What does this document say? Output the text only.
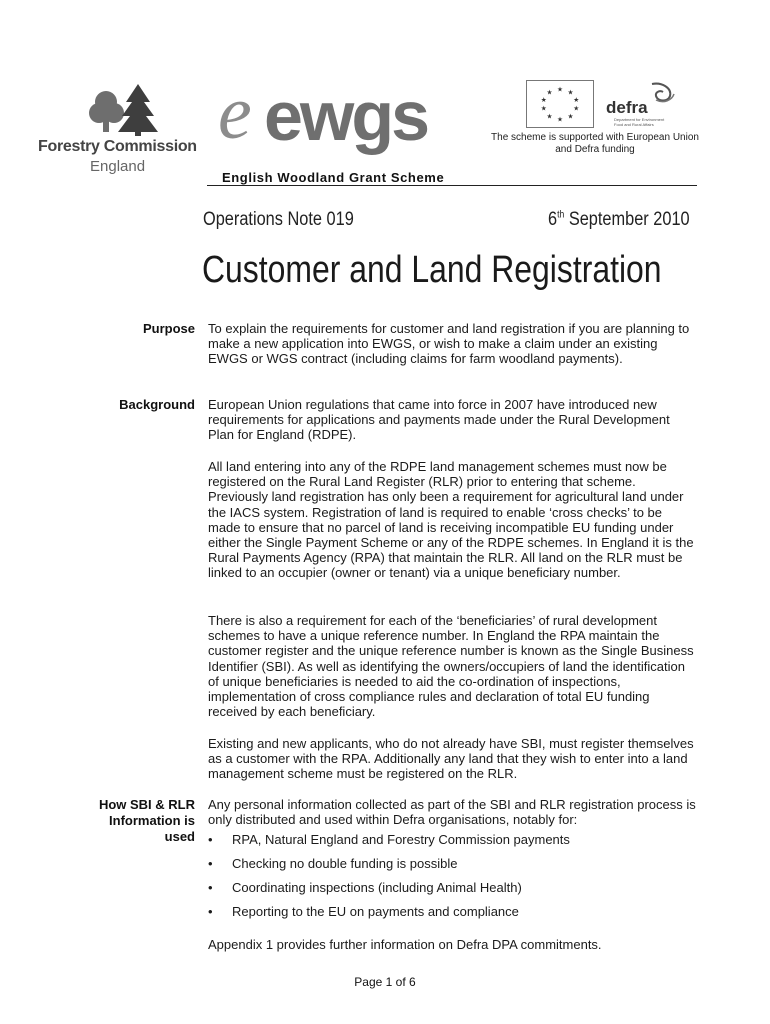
Forestry Commission
England
e ewgs	★ ★
★
★
★
★
★
★
★
★
defra
Department for Environment Food and Rural Affairs
The scheme is supported with European Union and Defra funding
English Woodland Grant Scheme
Operations Note 019	6th September 2010
Customer and Land Registration
Purpose To explain the requirements for customer and land registration if you are planning to make a new application into EWGS, or wish to make a claim under an existing EWGS or WGS contract (including claims for farm woodland payments).
Background European Union regulations that came into force in 2007 have introduced new requirements for applications and payments made under the Rural Development Plan for England (RDPE).
All land entering into any of the RDPE land management schemes must now be registered on the Rural Land Register (RLR) prior to entering that scheme. Previously land registration has only been a requirement for agricultural land under the IACS system. Registration of land is required to enable ‘cross checks’ to be made to ensure that no parcel of land is receiving incompatible EU funding under either the Single Payment Scheme or any of the RDPE schemes. In England it is the Rural Payments Agency (RPA) that maintain the RLR. All land on the RLR must be linked to an occupier (owner or tenant) via a unique beneficiary number.
There is also a requirement for each of the ‘beneficiaries’ of rural development schemes to have a unique reference number. In England the RPA maintain the customer register and the unique reference number is known as the Single Business Identifier (SBI). As well as identifying the owners/occupiers of land the identification of unique beneficiaries is needed to aid the co-ordination of inspections, implementation of cross compliance rules and declaration of total EU funding received by each beneficiary.
Existing and new applicants, who do not already have SBI, must register themselves as a customer with the RPA. Additionally any land that they wish to enter into a land management scheme must be registered on the RLR.
How SBI & RLR
Information is
used
Any personal information collected as part of the SBI and RLR registration process is only distributed and used within Defra organisations, notably for:
• RPA, Natural England and Forestry Commission payments
• Checking no double funding is possible
• Coordinating inspections (including Animal Health)
• Reporting to the EU on payments and compliance
Appendix 1 provides further information on Defra DPA commitments.
Page 1 of 6
